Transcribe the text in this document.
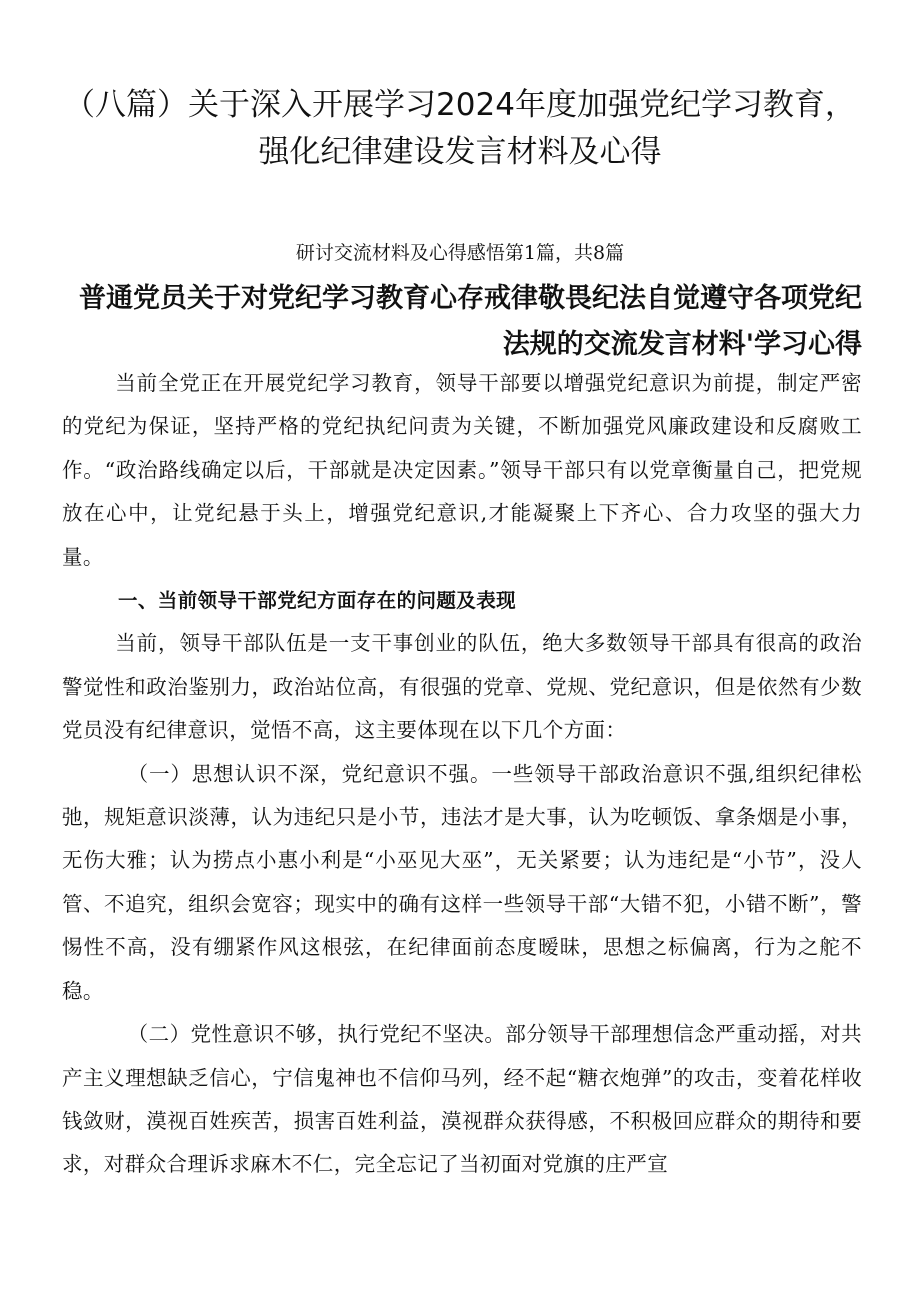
（八篇）关于深入开展学习2024年度加强党纪学习教育，强化纪律建设发言材料及心得
研讨交流材料及心得感悟第1篇，共8篇
普通党员关于对党纪学习教育心存戒律敬畏纪法自觉遵守各项党纪法规的交流发言材料'学习心得

当前全党正在开展党纪学习教育，领导干部要以增强党纪意识为前提，制定严密的党纪为保证，坚持严格的党纪执纪问责为关键，不断加强党风廉政建设和反腐败工作。“政治路线确定以后，干部就是决定因素。”领导干部只有以党章衡量自己，把党规放在心中，让党纪悬于头上，增强党纪意识,才能凝聚上下齐心、合力攻坚的强大力量。

一、当前领导干部党纪方面存在的问题及表现

当前，领导干部队伍是一支干事创业的队伍，绝大多数领导干部具有很高的政治警觉性和政治鉴别力，政治站位高，有很强的党章、党规、党纪意识，但是依然有少数党员没有纪律意识，觉悟不高，这主要体现在以下几个方面：

（一）思想认识不深，党纪意识不强。一些领导干部政治意识不强,组织纪律松弛，规矩意识淡薄，认为违纪只是小节，违法才是大事，认为吃顿饭、拿条烟是小事，无伤大雅；认为捞点小惠小利是“小巫见大巫”，无关紧要；认为违纪是“小节”，没人管、不追究，组织会宽容；现实中的确有这样一些领导干部“大错不犯，小错不断”，警惕性不高，没有绷紧作风这根弦，在纪律面前态度暧昧，思想之标偏离，行为之舵不稳。

（二）党性意识不够，执行党纪不坚决。部分领导干部理想信念严重动摇，对共产主义理想缺乏信心，宁信鬼神也不信仰马列，经不起“糖衣炮弹”的攻击，变着花样收钱敛财，漠视百姓疾苦，损害百姓利益，漠视群众获得感，不积极回应群众的期待和要求，对群众合理诉求麻木不仁，完全忘记了当初面对党旗的庄严宣
